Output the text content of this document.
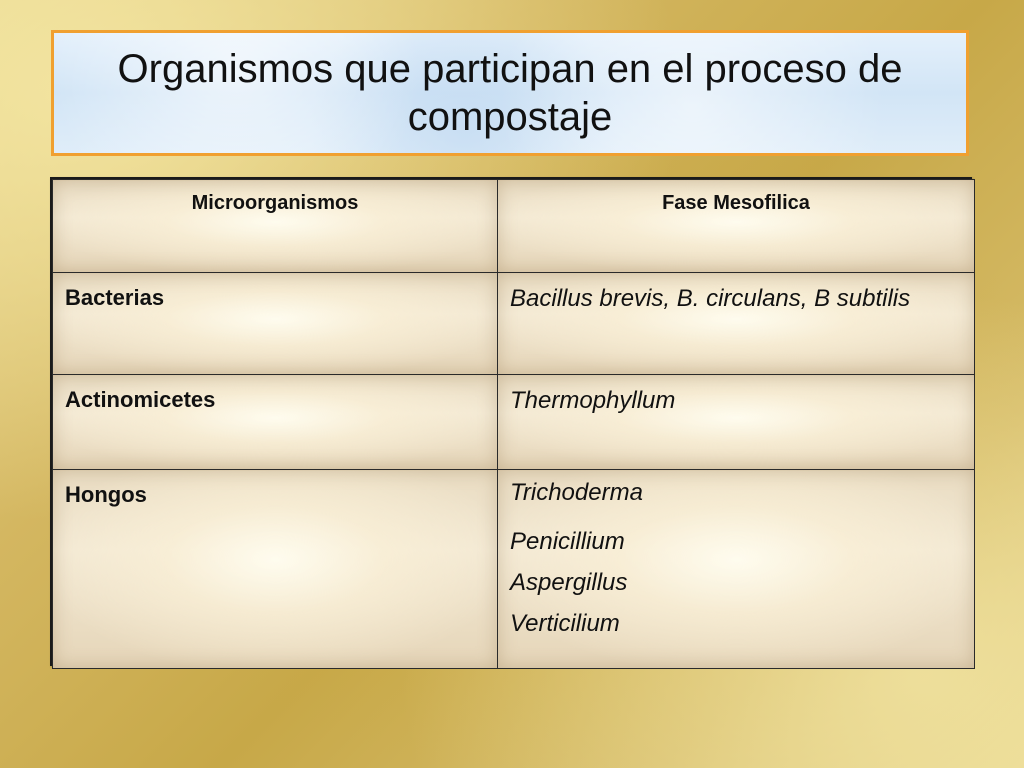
Organismos que participan en el proceso de compostaje
Microorganismos	Fase Mesofilica
Bacterias	Bacillus brevis, B. circulans, B subtilis
Actinomicetes	Thermophyllum
Hongos	Trichoderma
Penicillium
Aspergillus
Verticilium
